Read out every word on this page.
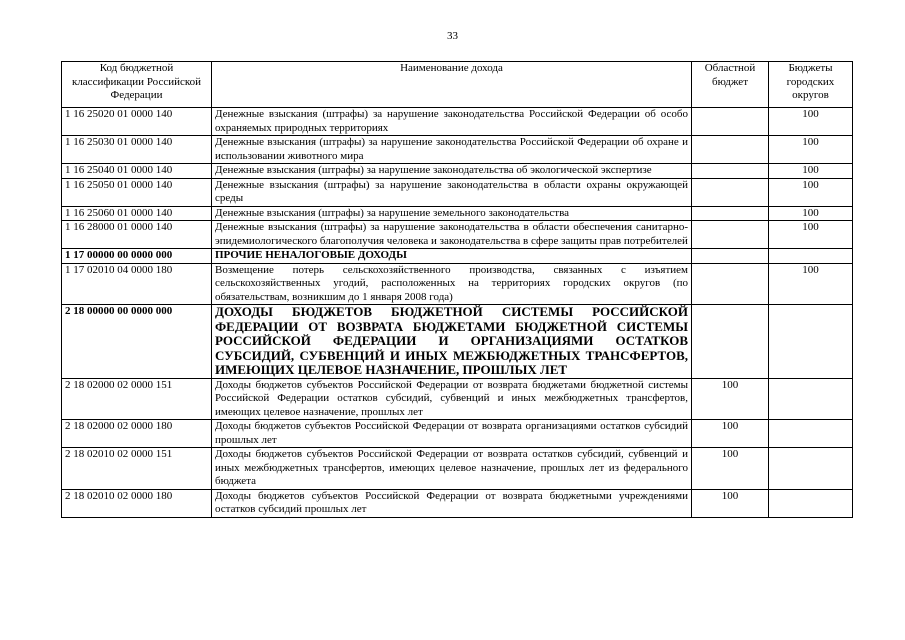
33
Код бюджетной классификации Российской Федерации	Наименование дохода	Областной бюджет	Бюджеты городских округов
1 16 25020 01 0000 140	Денежные взыскания (штрафы) за нарушение законодательства Российской Федерации об особо охраняемых природных территориях		100
1 16 25030 01 0000 140	Денежные взыскания (штрафы) за нарушение законодательства Российской Федерации об охране и использовании животного мира		100
1 16 25040 01 0000 140	Денежные взыскания (штрафы) за нарушение законодательства об экологической экспертизе		100
1 16 25050 01 0000 140	Денежные взыскания (штрафы) за нарушение законодательства в области охраны окружающей среды		100
1 16 25060 01 0000 140	Денежные взыскания (штрафы) за нарушение земельного законодательства		100
1 16 28000 01 0000 140	Денежные взыскания (штрафы) за нарушение законодательства в области обеспечения санитарно-эпидемиологического благополучия человека и законодательства в сфере защиты прав потребителей		100
1 17 00000 00 0000 000	ПРОЧИЕ НЕНАЛОГОВЫЕ ДОХОДЫ		
1 17 02010 04 0000 180	Возмещение потерь сельскохозяйственного производства, связанных с изъятием сельскохозяйственных угодий, расположенных на территориях городских округов (по обязательствам, возникшим до 1 января 2008 года)		100
2 18 00000 00 0000 000	ДОХОДЫ БЮДЖЕТОВ БЮДЖЕТНОЙ СИСТЕМЫ РОССИЙСКОЙ ФЕДЕРАЦИИ ОТ ВОЗВРАТА БЮДЖЕТАМИ БЮДЖЕТНОЙ СИСТЕМЫ РОССИЙСКОЙ ФЕДЕРАЦИИ И ОРГАНИЗАЦИЯМИ ОСТАТКОВ СУБСИДИЙ, СУБВЕНЦИЙ И ИНЫХ МЕЖБЮДЖЕТНЫХ ТРАНСФЕРТОВ, ИМЕЮЩИХ ЦЕЛЕВОЕ НАЗНАЧЕНИЕ, ПРОШЛЫХ ЛЕТ		
2 18 02000 02 0000 151	Доходы бюджетов субъектов Российской Федерации от возврата бюджетами бюджетной системы Российской Федерации остатков субсидий, субвенций и иных межбюджетных трансфертов, имеющих целевое назначение, прошлых лет	100	
2 18 02000 02 0000 180	Доходы бюджетов субъектов Российской Федерации от возврата организациями остатков субсидий прошлых лет	100	
2 18 02010 02 0000 151	Доходы бюджетов субъектов Российской Федерации от возврата остатков субсидий, субвенций и иных межбюджетных трансфертов, имеющих целевое назначение, прошлых лет из федерального бюджета	100	
2 18 02010 02 0000 180	Доходы бюджетов субъектов Российской Федерации от возврата бюджетными учреждениями остатков субсидий прошлых лет	100	
